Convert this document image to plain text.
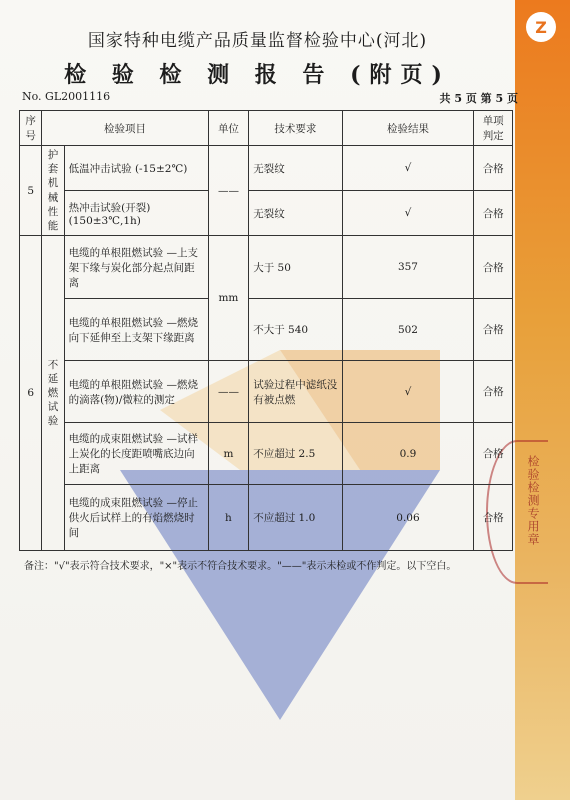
Z
检验检测专用章
国家特种电缆产品质量监督检验中心(河北)
检 验 检 测 报 告 (附页)
No. GL2001116	共 5 页 第 5 页
序号	检验项目		单位	技术要求	检验结果	单项判定
5	护套机械性能	低温冲击试验 (-15±2℃)	——	无裂纹	√	合格
		热冲击试验(开裂)(150±3℃,1h)		无裂纹	√	合格
6	不延燃试验	电缆的单根阻燃试验 —上支架下缘与炭化部分起点间距离	mm	大于 50	357	合格
		电缆的单根阻燃试验 —燃烧向下延伸至上支架下缘距离		不大于 540	502	合格
		电缆的单根阻燃试验 —燃烧的滴落(物)/微粒的测定	——	试验过程中滤纸没有被点燃	√	合格
		电缆的成束阻燃试验 —试样上炭化的长度距喷嘴底边向上距离	m	不应超过 2.5	0.9	合格
		电缆的成束阻燃试验 —停止供火后试样上的有焰燃烧时间	h	不应超过 1.0	0.06	合格
备注："√"表示符合技术要求，"×"表示不符合技术要求。"——"表示未检或不作判定。以下空白。
